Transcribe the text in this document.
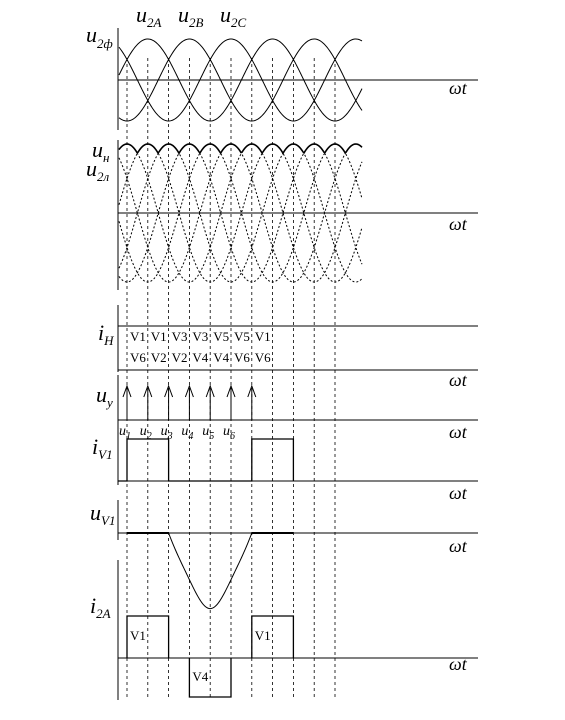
$u_{2ф}$
$u_{2A}$ $u_{2B}$ $u_{2C}$
ωt
$u_н$
$u_{2л}$
ωt
$i_H$ V1 V1 V3 V3 V5 V5 V1
V6 V2 V2 V4 V4 V6 V6
ωt
$u_y$
$u_1$ $u_2$ $u_3$ $u_4$ $u_5$ $u_6$	ωt
$i_{V1}$
ωt
$u_{V1}$
ωt
$i_{2A}$
V1
V4
V1
ωt
